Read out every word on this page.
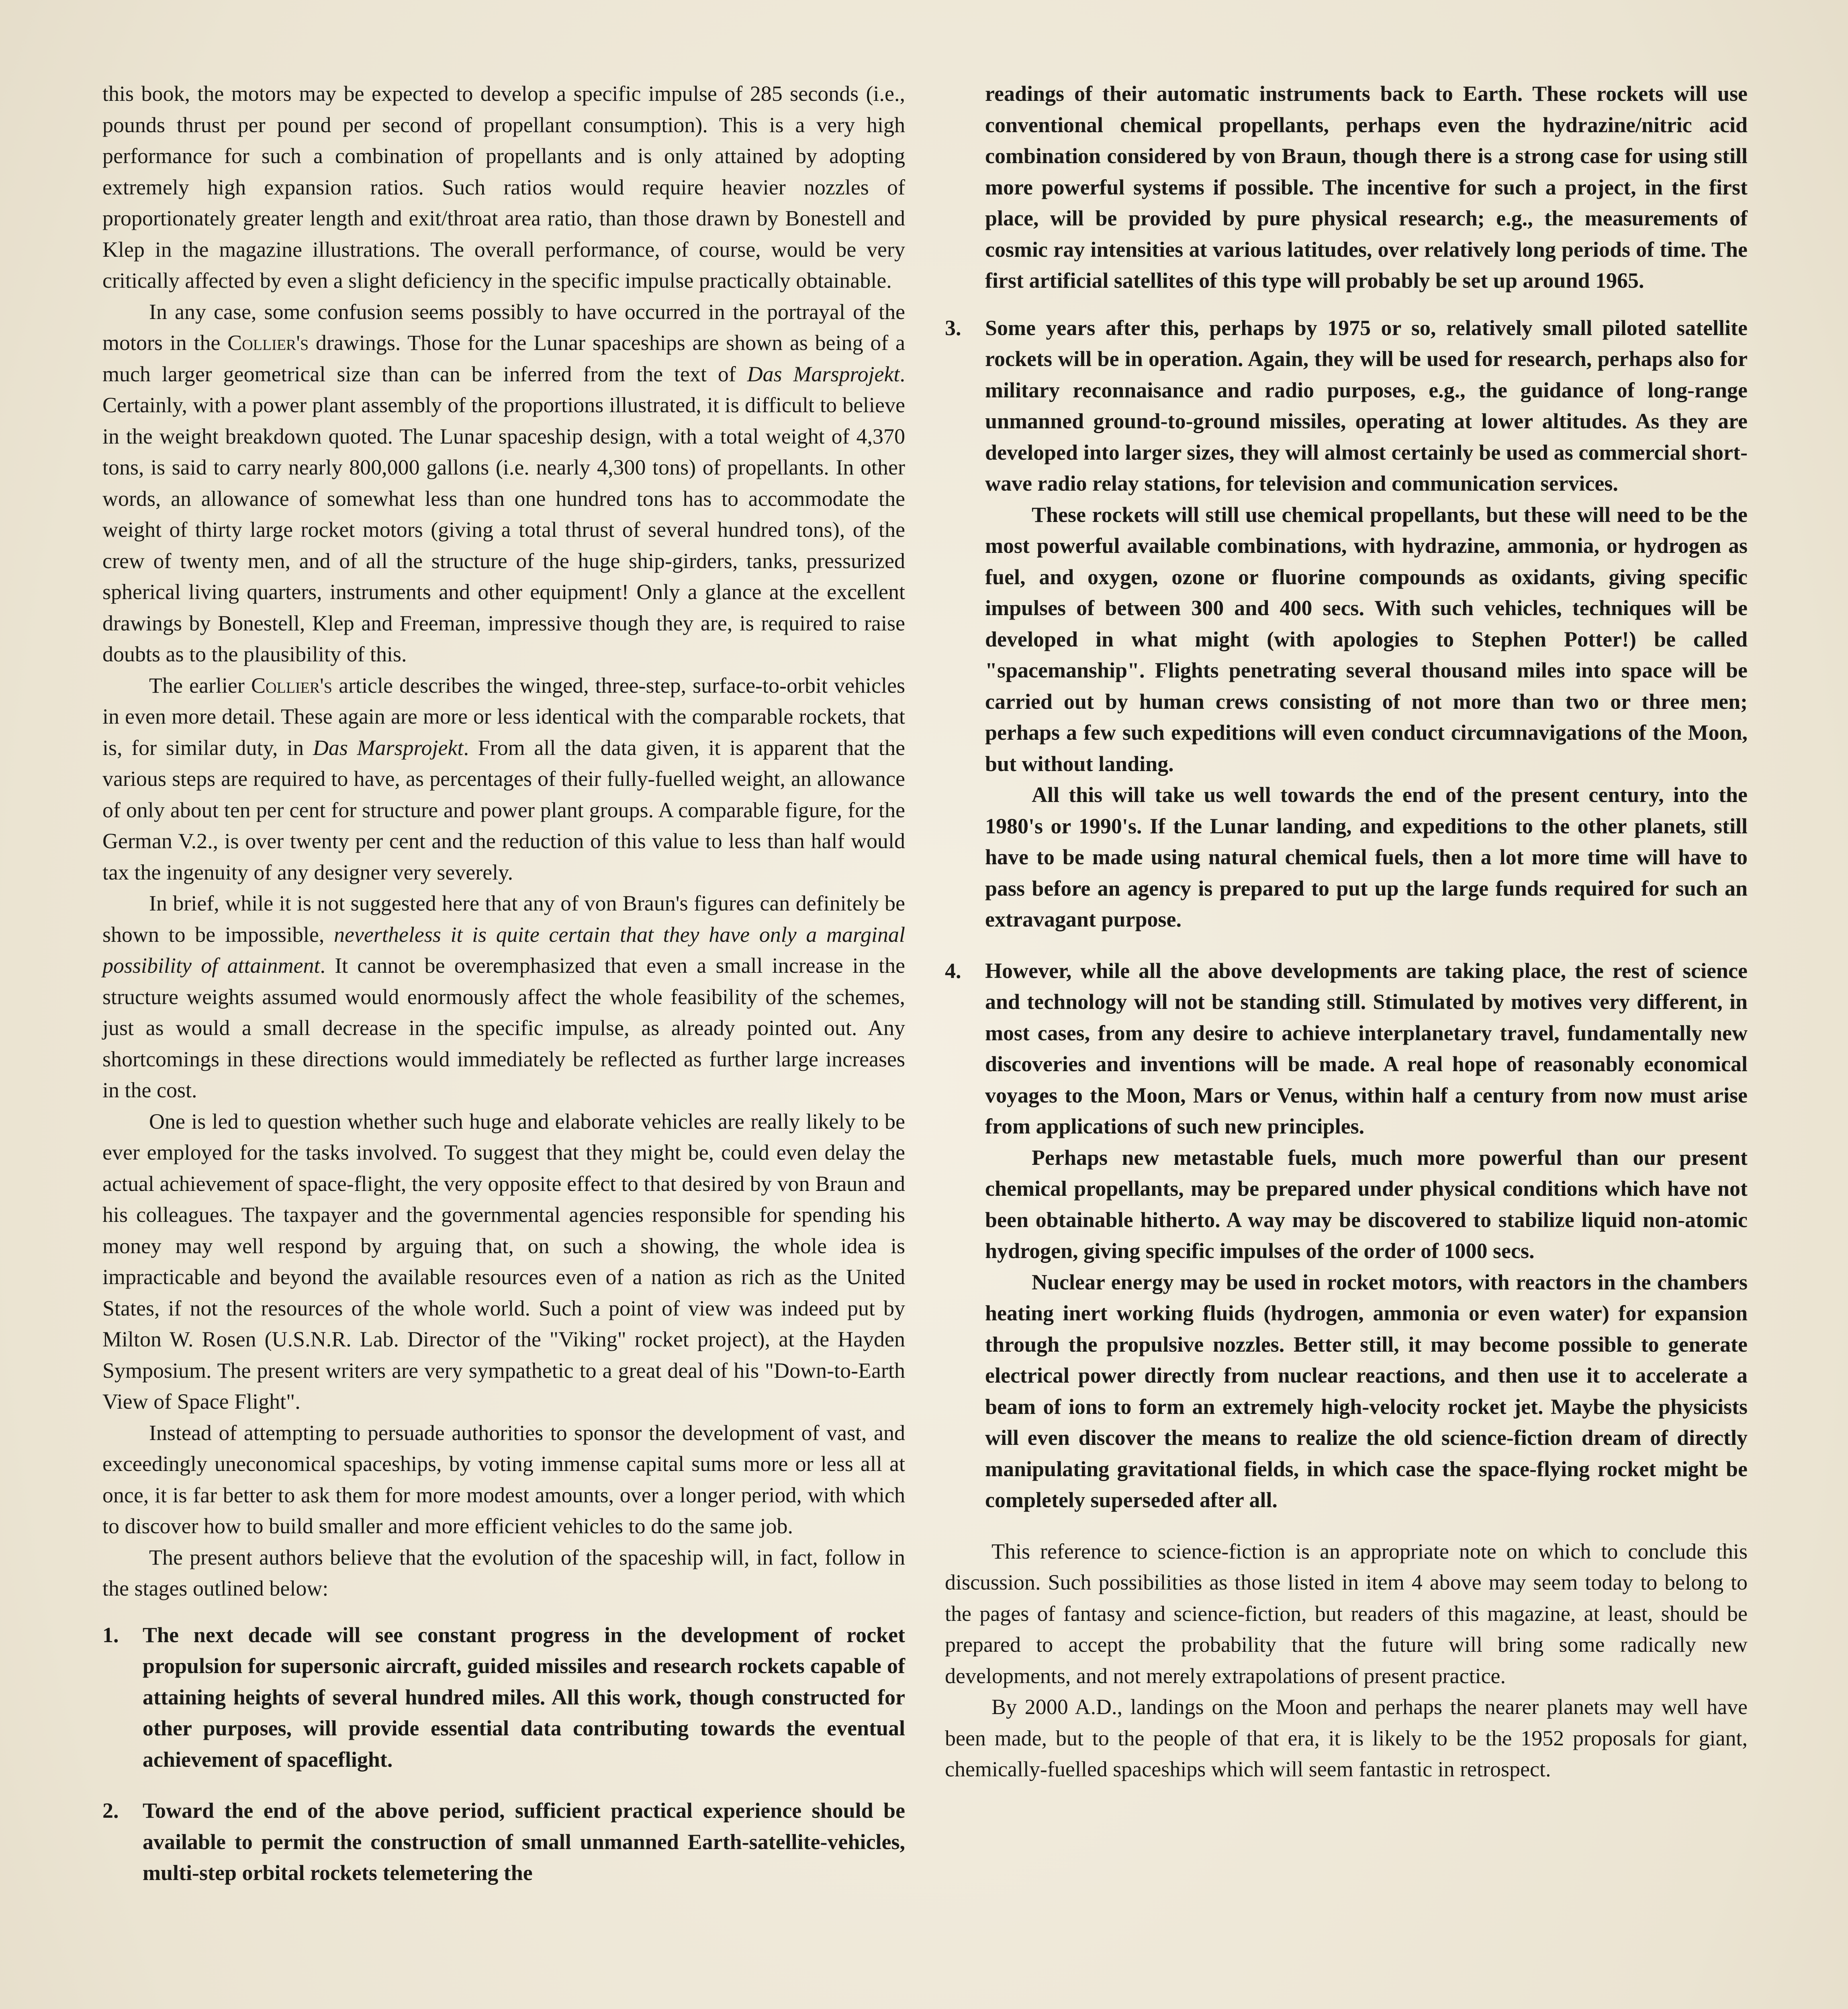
this book, the motors may be expected to develop a specific impulse of 285 seconds (i.e., pounds thrust per pound per second of propellant consumption). This is a very high performance for such a combination of propellants and is only attained by adopting extremely high expansion ratios. Such ratios would require heavier nozzles of proportionately greater length and exit/throat area ratio, than those drawn by Bonestell and Klep in the magazine illustrations. The overall performance, of course, would be very critically affected by even a slight deficiency in the specific impulse practically obtainable.

In any case, some confusion seems possibly to have occurred in the portrayal of the motors in the Collier's drawings. Those for the Lunar spaceships are shown as being of a much larger geometrical size than can be inferred from the text of Das Marsprojekt. Certainly, with a power plant assembly of the proportions illustrated, it is difficult to believe in the weight breakdown quoted. The Lunar spaceship design, with a total weight of 4,370 tons, is said to carry nearly 800,000 gallons (i.e. nearly 4,300 tons) of propellants. In other words, an allowance of somewhat less than one hundred tons has to accommodate the weight of thirty large rocket motors (giving a total thrust of several hundred tons), of the crew of twenty men, and of all the structure of the huge ship-girders, tanks, pressurized spherical living quarters, instruments and other equipment! Only a glance at the excellent drawings by Bonestell, Klep and Freeman, impressive though they are, is required to raise doubts as to the plausibility of this.

The earlier Collier's article describes the winged, three-step, surface-to-orbit vehicles in even more detail. These again are more or less identical with the comparable rockets, that is, for similar duty, in Das Marsprojekt. From all the data given, it is apparent that the various steps are required to have, as percentages of their fully-fuelled weight, an allowance of only about ten per cent for structure and power plant groups. A comparable figure, for the German V.2., is over twenty per cent and the reduction of this value to less than half would tax the ingenuity of any designer very severely.

In brief, while it is not suggested here that any of von Braun's figures can definitely be shown to be impossible, nevertheless it is quite certain that they have only a marginal possibility of attainment. It cannot be overemphasized that even a small increase in the structure weights assumed would enormously affect the whole feasibility of the schemes, just as would a small decrease in the specific impulse, as already pointed out. Any shortcomings in these directions would immediately be reflected as further large increases in the cost.

One is led to question whether such huge and elaborate vehicles are really likely to be ever employed for the tasks involved. To suggest that they might be, could even delay the actual achievement of space-flight, the very opposite effect to that desired by von Braun and his colleagues. The taxpayer and the governmental agencies responsible for spending his money may well respond by arguing that, on such a showing, the whole idea is impracticable and beyond the available resources even of a nation as rich as the United States, if not the resources of the whole world. Such a point of view was indeed put by Milton W. Rosen (U.S.N.R. Lab. Director of the "Viking" rocket project), at the Hayden Symposium. The present writers are very sympathetic to a great deal of his "Down-to-Earth View of Space Flight".

Instead of attempting to persuade authorities to sponsor the development of vast, and exceedingly uneconomical spaceships, by voting immense capital sums more or less all at once, it is far better to ask them for more modest amounts, over a longer period, with which to discover how to build smaller and more efficient vehicles to do the same job.

The present authors believe that the evolution of the spaceship will, in fact, follow in the stages outlined below:

1. The next decade will see constant progress in the development of rocket propulsion for supersonic aircraft, guided missiles and research rockets capable of attaining heights of several hundred miles. All this work, though constructed for other purposes, will provide essential data contributing towards the eventual achievement of spaceflight.

2. Toward the end of the above period, sufficient practical experience should be available to permit the construction of small unmanned Earth-satellite-vehicles, multi-step orbital rockets telemetering the

readings of their automatic instruments back to Earth. These rockets will use conventional chemical propellants, perhaps even the hydrazine/nitric acid combination considered by von Braun, though there is a strong case for using still more powerful systems if possible. The incentive for such a project, in the first place, will be provided by pure physical research; e.g., the measurements of cosmic ray intensities at various latitudes, over relatively long periods of time. The first artificial satellites of this type will probably be set up around 1965.

3. Some years after this, perhaps by 1975 or so, relatively small piloted satellite rockets will be in operation. Again, they will be used for research, perhaps also for military reconnaisance and radio purposes, e.g., the guidance of long-range unmanned ground-to-ground missiles, operating at lower altitudes. As they are developed into larger sizes, they will almost certainly be used as commercial short-wave radio relay stations, for television and communication services.

These rockets will still use chemical propellants, but these will need to be the most powerful available combinations, with hydrazine, ammonia, or hydrogen as fuel, and oxygen, ozone or fluorine compounds as oxidants, giving specific impulses of between 300 and 400 secs. With such vehicles, techniques will be developed in what might (with apologies to Stephen Potter!) be called "spacemanship". Flights penetrating several thousand miles into space will be carried out by human crews consisting of not more than two or three men; perhaps a few such expeditions will even conduct circumnavigations of the Moon, but without landing.

All this will take us well towards the end of the present century, into the 1980's or 1990's. If the Lunar landing, and expeditions to the other planets, still have to be made using natural chemical fuels, then a lot more time will have to pass before an agency is prepared to put up the large funds required for such an extravagant purpose.

4. However, while all the above developments are taking place, the rest of science and technology will not be standing still. Stimulated by motives very different, in most cases, from any desire to achieve interplanetary travel, fundamentally new discoveries and inventions will be made. A real hope of reasonably economical voyages to the Moon, Mars or Venus, within half a century from now must arise from applications of such new principles.

Perhaps new metastable fuels, much more powerful than our present chemical propellants, may be prepared under physical conditions which have not been obtainable hitherto. A way may be discovered to stabilize liquid non-atomic hydrogen, giving specific impulses of the order of 1000 secs.

Nuclear energy may be used in rocket motors, with reactors in the chambers heating inert working fluids (hydrogen, ammonia or even water) for expansion through the propulsive nozzles. Better still, it may become possible to generate electrical power directly from nuclear reactions, and then use it to accelerate a beam of ions to form an extremely high-velocity rocket jet. Maybe the physicists will even discover the means to realize the old science-fiction dream of directly manipulating gravitational fields, in which case the space-flying rocket might be completely superseded after all.

This reference to science-fiction is an appropriate note on which to conclude this discussion. Such possibilities as those listed in item 4 above may seem today to belong to the pages of fantasy and science-fiction, but readers of this magazine, at least, should be prepared to accept the probability that the future will bring some radically new developments, and not merely extrapolations of present practice.

By 2000 A.D., landings on the Moon and perhaps the nearer planets may well have been made, but to the people of that era, it is likely to be the 1952 proposals for giant, chemically-fuelled spaceships which will seem fantastic in retrospect.
